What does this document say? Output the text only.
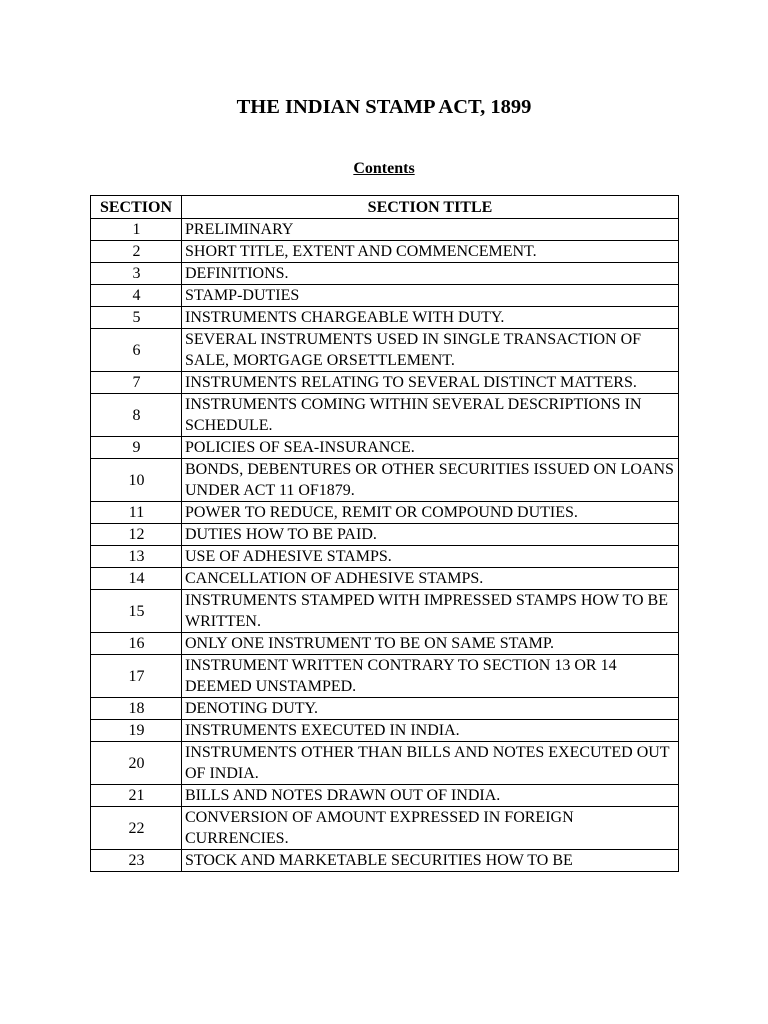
THE INDIAN STAMP ACT, 1899

Contents

SECTION	SECTION TITLE
1	PRELIMINARY
2	SHORT TITLE, EXTENT AND COMMENCEMENT.
3	DEFINITIONS.
4	STAMP-DUTIES
5	INSTRUMENTS CHARGEABLE WITH DUTY.
6	SEVERAL INSTRUMENTS USED IN SINGLE TRANSACTION OF SALE, MORTGAGE ORSETTLEMENT.
7	INSTRUMENTS RELATING TO SEVERAL DISTINCT MATTERS.
8	INSTRUMENTS COMING WITHIN SEVERAL DESCRIPTIONS IN SCHEDULE.
9	POLICIES OF SEA-INSURANCE.
10	BONDS, DEBENTURES OR OTHER SECURITIES ISSUED ON LOANS UNDER ACT 11 OF1879.
11	POWER TO REDUCE, REMIT OR COMPOUND DUTIES.
12	DUTIES HOW TO BE PAID.
13	USE OF ADHESIVE STAMPS.
14	CANCELLATION OF ADHESIVE STAMPS.
15	INSTRUMENTS STAMPED WITH IMPRESSED STAMPS HOW TO BE WRITTEN.
16	ONLY ONE INSTRUMENT TO BE ON SAME STAMP.
17	INSTRUMENT WRITTEN CONTRARY TO SECTION 13 OR 14 DEEMED UNSTAMPED.
18	DENOTING DUTY.
19	INSTRUMENTS EXECUTED IN INDIA.
20	INSTRUMENTS OTHER THAN BILLS AND NOTES EXECUTED OUT OF INDIA.
21	BILLS AND NOTES DRAWN OUT OF INDIA.
22	CONVERSION OF AMOUNT EXPRESSED IN FOREIGN CURRENCIES.
23	STOCK AND MARKETABLE SECURITIES HOW TO BE
